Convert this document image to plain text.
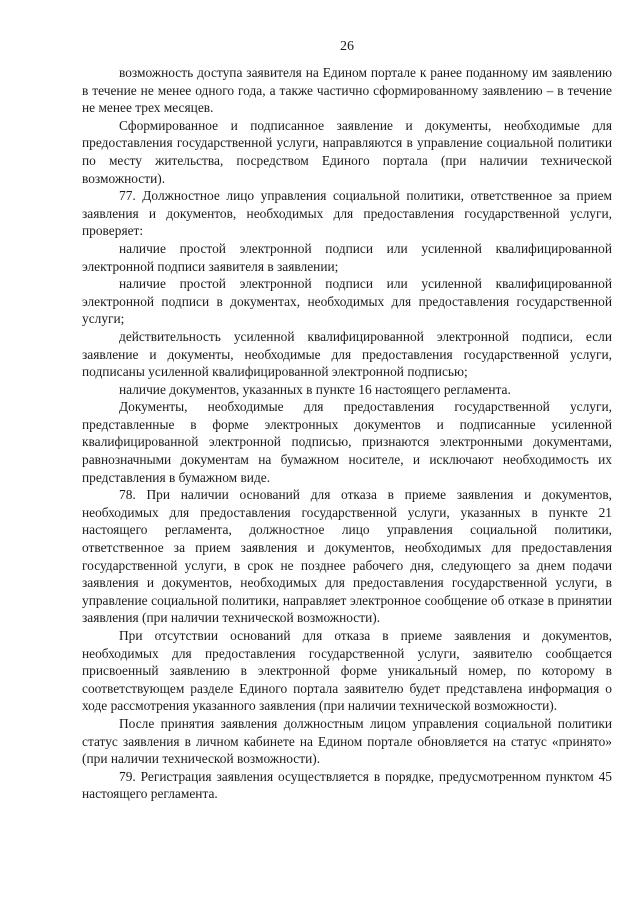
26

возможность доступа заявителя на Едином портале к ранее поданному им заявлению в течение не менее одного года, а также частично сформированному заявлению – в течение не менее трех месяцев.

Сформированное и подписанное заявление и документы, необходимые для предоставления государственной услуги, направляются в управление социальной политики по месту жительства, посредством Единого портала (при наличии технической возможности).

77. Должностное лицо управления социальной политики, ответственное за прием заявления и документов, необходимых для предоставления государственной услуги, проверяет:

наличие простой электронной подписи или усиленной квалифицированной электронной подписи заявителя в заявлении;

наличие простой электронной подписи или усиленной квалифицированной электронной подписи в документах, необходимых для предоставления государственной услуги;

действительность усиленной квалифицированной электронной подписи, если заявление и документы, необходимые для предоставления государственной услуги, подписаны усиленной квалифицированной электронной подписью;

наличие документов, указанных в пункте 16 настоящего регламента.

Документы, необходимые для предоставления государственной услуги, представленные в форме электронных документов и подписанные усиленной квалифицированной электронной подписью, признаются электронными документами, равнозначными документам на бумажном носителе, и исключают необходимость их представления в бумажном виде.

78. При наличии оснований для отказа в приеме заявления и документов, необходимых для предоставления государственной услуги, указанных в пункте 21 настоящего регламента, должностное лицо управления социальной политики, ответственное за прием заявления и документов, необходимых для предоставления государственной услуги, в срок не позднее рабочего дня, следующего за днем подачи заявления и документов, необходимых для предоставления государственной услуги, в управление социальной политики, направляет электронное сообщение об отказе в принятии заявления (при наличии технической возможности).

При отсутствии оснований для отказа в приеме заявления и документов, необходимых для предоставления государственной услуги, заявителю сообщается присвоенный заявлению в электронной форме уникальный номер, по которому в соответствующем разделе Единого портала заявителю будет представлена информация о ходе рассмотрения указанного заявления (при наличии технической возможности).

После принятия заявления должностным лицом управления социальной политики статус заявления в личном кабинете на Едином портале обновляется на статус «принято» (при наличии технической возможности).

79. Регистрация заявления осуществляется в порядке, предусмотренном пунктом 45 настоящего регламента.
